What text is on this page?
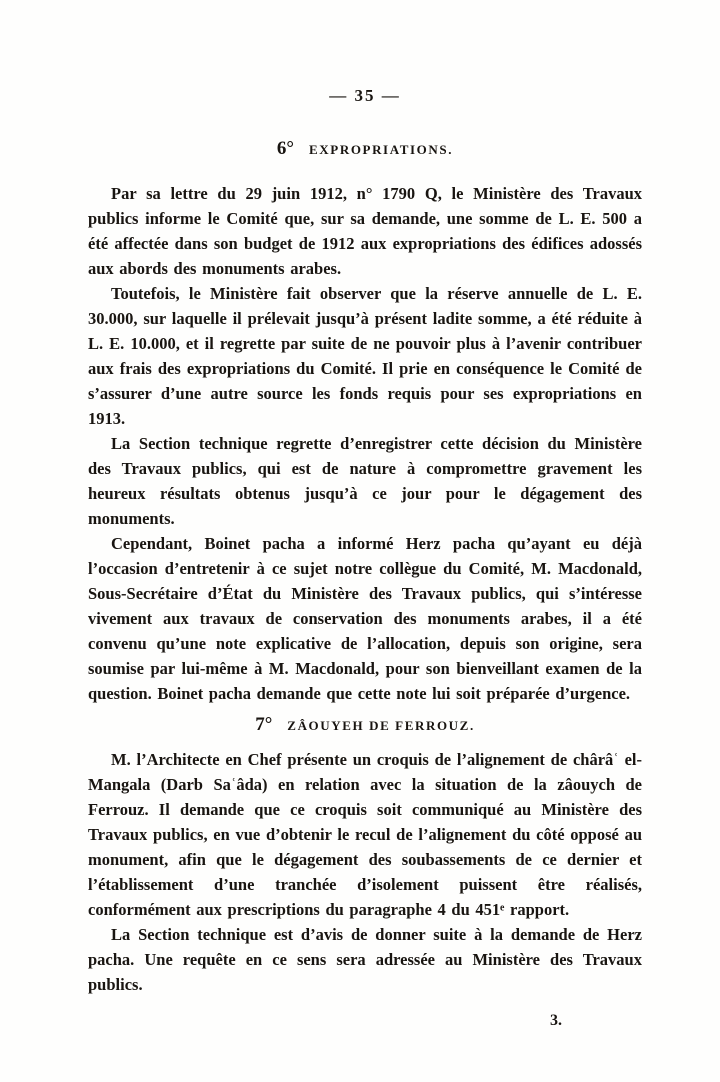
— 35 —
6° EXPROPRIATIONS.

Par sa lettre du 29 juin 1912, n° 1790 Q, le Ministère des Travaux publics informe le Comité que, sur sa demande, une somme de L. E. 500 a été affectée dans son budget de 1912 aux expropriations des édifices adossés aux abords des monuments arabes.

Toutefois, le Ministère fait observer que la réserve annuelle de L. E. 30.000, sur laquelle il prélevait jusqu’à présent ladite somme, a été réduite à L. E. 10.000, et il regrette par suite de ne pouvoir plus à l’avenir contribuer aux frais des expropriations du Comité. Il prie en conséquence le Comité de s’assurer d’une autre source les fonds requis pour ses expropriations en 1913.

La Section technique regrette d’enregistrer cette décision du Ministère des Travaux publics, qui est de nature à compromettre gravement les heureux résultats obtenus jusqu’à ce jour pour le dégagement des monuments.

Cependant, Boinet pacha a informé Herz pacha qu’ayant eu déjà l’occasion d’entretenir à ce sujet notre collègue du Comité, M. Macdonald, Sous-Secrétaire d’État du Ministère des Travaux publics, qui s’intéresse vivement aux travaux de conservation des monuments arabes, il a été convenu qu’une note explicative de l’allocation, depuis son origine, sera soumise par lui-même à M. Macdonald, pour son bienveillant examen de la question. Boinet pacha demande que cette note lui soit préparée d’urgence.

7° ZÂOUYEH DE FERROUZ.

M. l’Architecte en Chef présente un croquis de l’alignement de chârâʿ el-Mangala (Darb Saʿâda) en relation avec la situation de la zâouych de Ferrouz. Il demande que ce croquis soit communiqué au Ministère des Travaux publics, en vue d’obtenir le recul de l’alignement du côté opposé au monument, afin que le dégagement des soubassements de ce dernier et l’établissement d’une tranchée d’isolement puissent être réalisés, conformément aux prescriptions du paragraphe 4 du 451ᵉ rapport.

La Section technique est d’avis de donner suite à la demande de Herz pacha. Une requête en ce sens sera adressée au Ministère des Travaux publics.

3.
